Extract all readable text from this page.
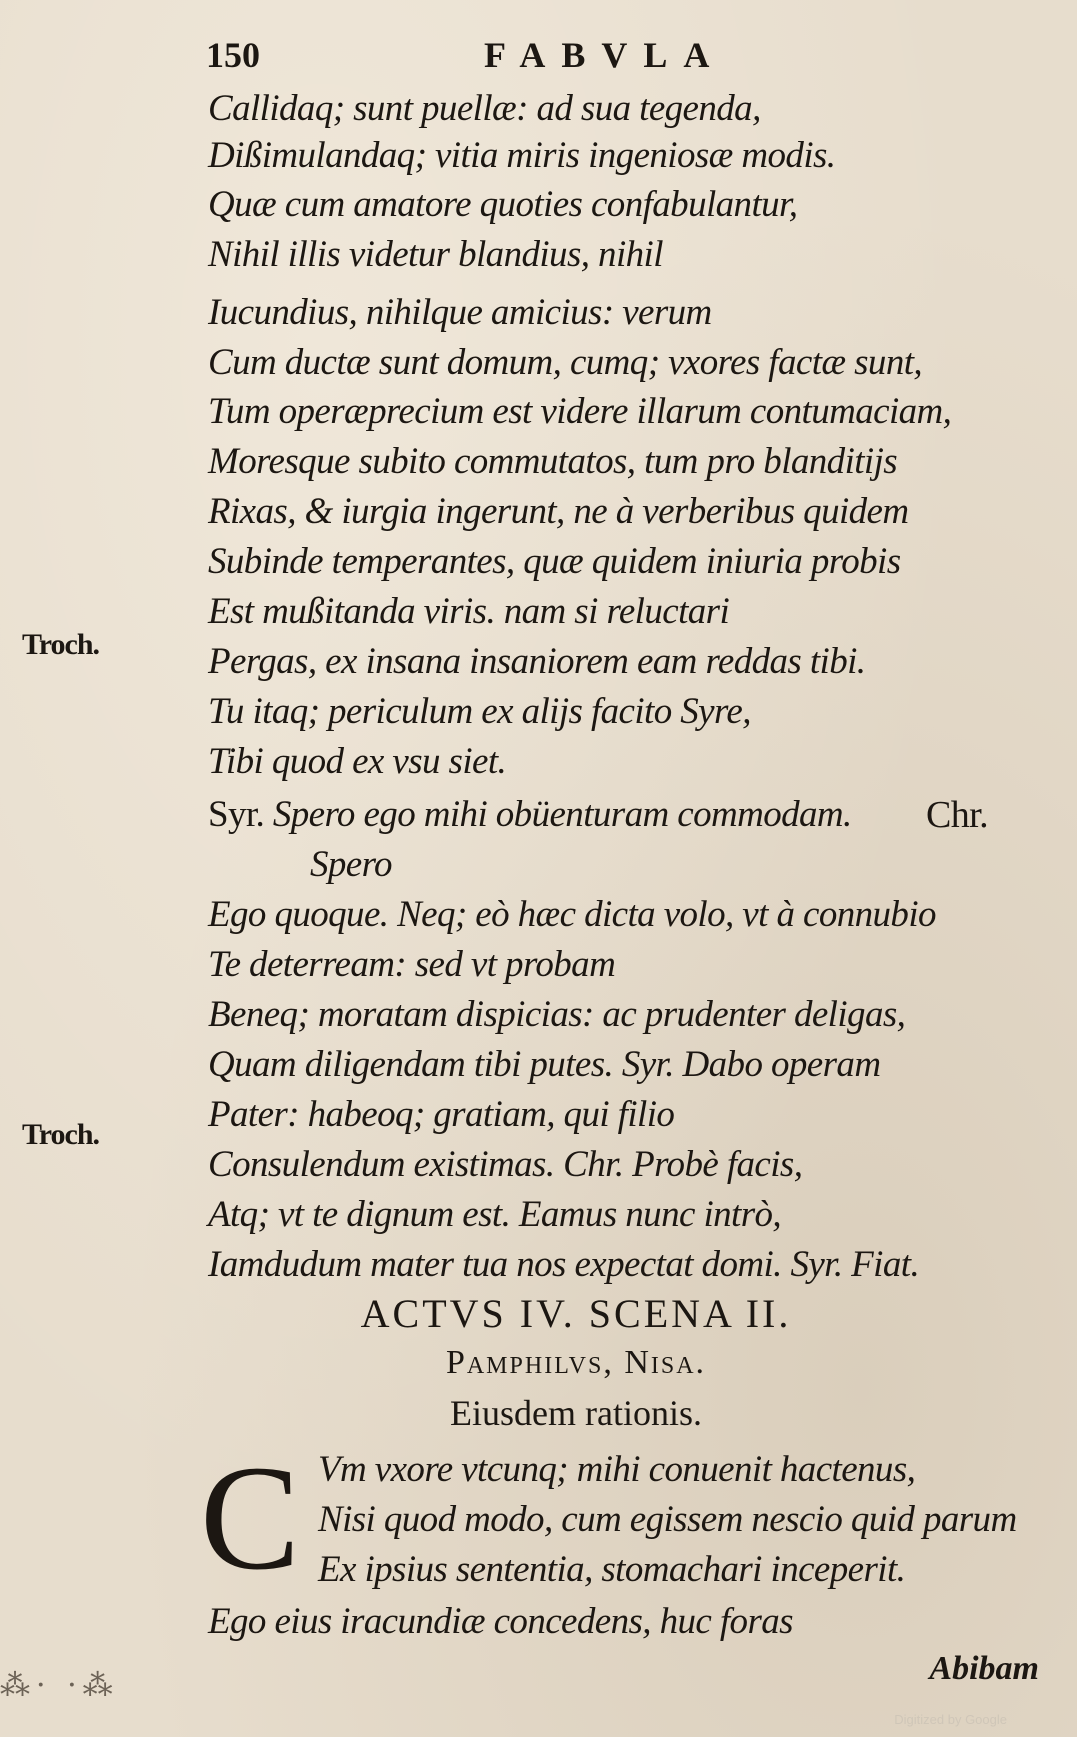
150	FABVLA
Callidaq; sunt puellæ: ad sua tegenda,
Dißimulandaq; vitia miris ingeniosæ modis.
Quæ cum amatore quoties confabulantur,
Nihil illis videtur blandius, nihil
Iucundius, nihilque amicius: verum
Cum ductæ sunt domum, cumq; vxores factæ sunt,
Tum operæprecium est videre illarum contumaciam,
Moresque subito commutatos, tum pro blanditijs
Rixas, & iurgia ingerunt, ne à verberibus quidem
Subinde temperantes, quæ quidem iniuria probis
Est mußitanda viris. nam si reluctari
Pergas, ex insana insaniorem eam reddas tibi.
Tu itaq; periculum ex alijs facito Syre,
Tibi quod ex vsu siet.
Syr. Spero ego mihi obüenturam commodam. Chr.
Spero
Ego quoque. Neq; eò hæc dicta volo, vt à connubio
Te deterream: sed vt probam
Beneq; moratam dispicias: ac prudenter deligas,
Quam diligendam tibi putes. Syr. Dabo operam
Pater: habeoq; gratiam, qui filio
Consulendum existimas. Chr. Probè facis,
Atq; vt te dignum est. Eamus nunc intrò,
Iamdudum mater tua nos expectat domi. Syr. Fiat.
Troch.
Troch.
ACTVS IV. SCENA II.
Pamphilvs, Nisa.
Eiusdem rationis.
C Vm vxore vtcunq; mihi conuenit hactenus,
Nisi quod modo, cum egissem nescio quid parum
Ex ipsius sententia, stomachari inceperit.
Ego eius iracundiæ concedens, huc foras
Abibam
⁂· ·⁂
Digitized by Google
